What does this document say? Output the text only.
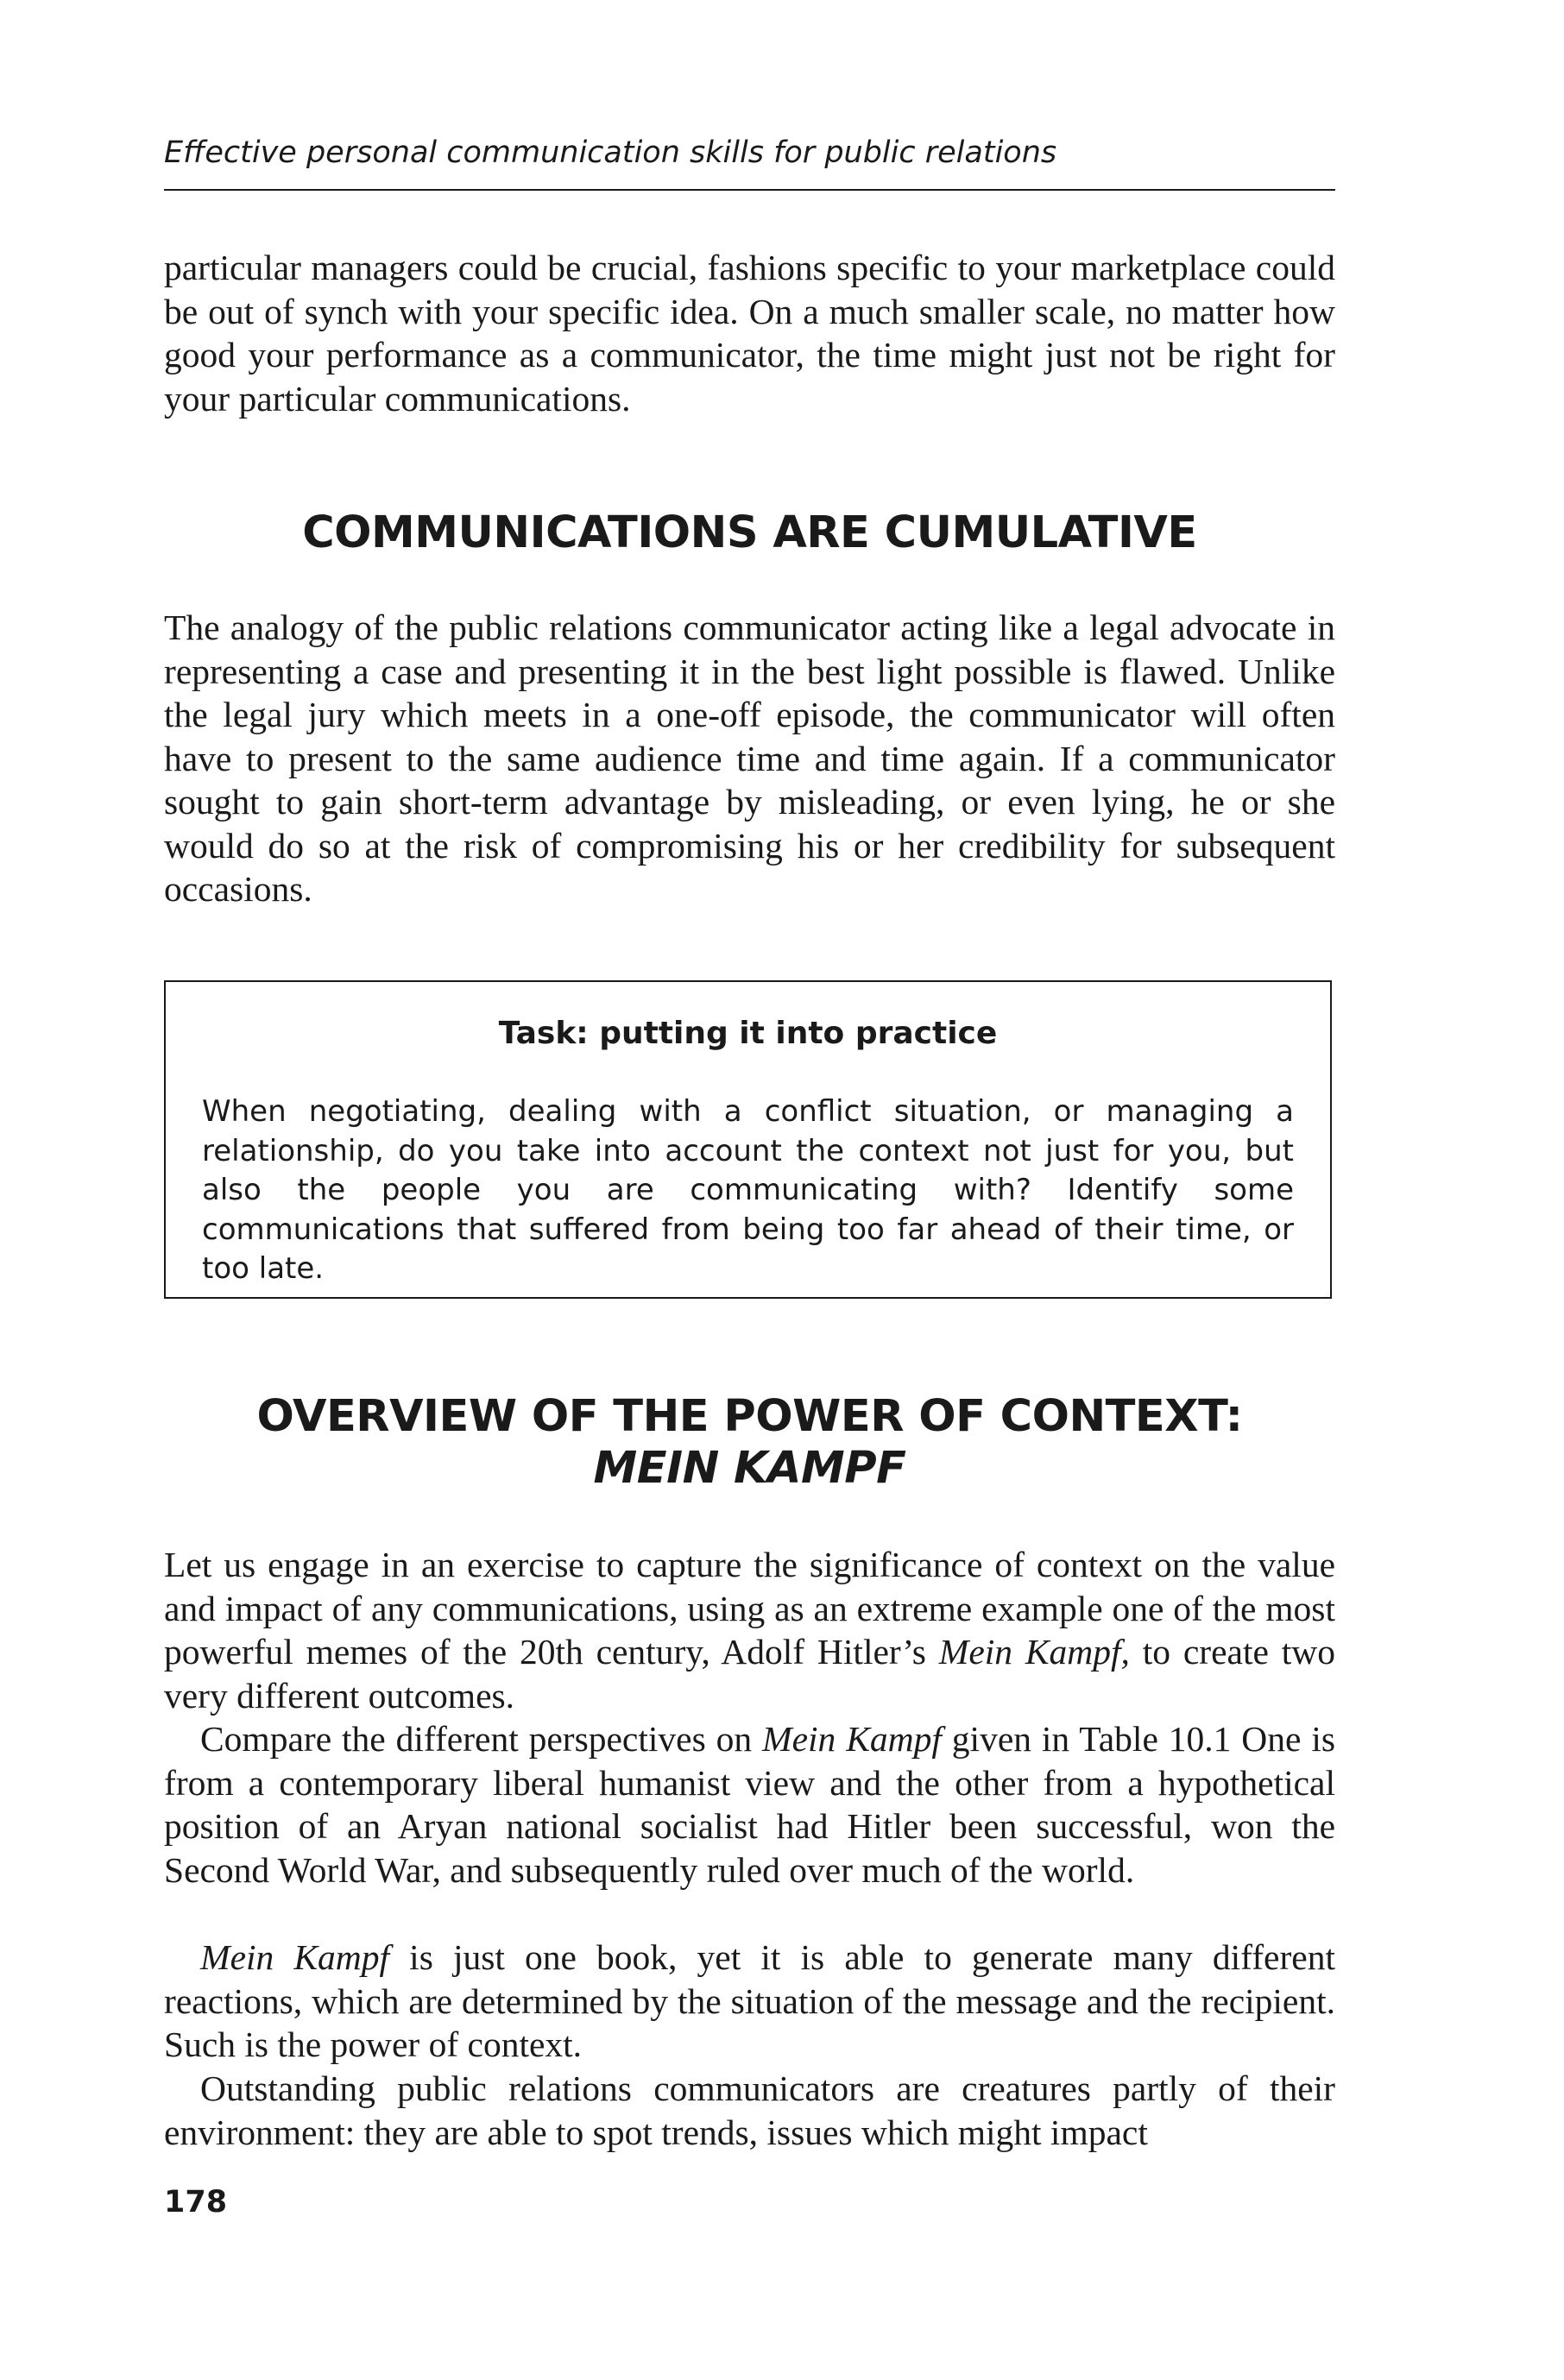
Effective personal communication skills for public relations

particular managers could be crucial, fashions specific to your marketplace could be out of synch with your specific idea. On a much smaller scale, no matter how good your performance as a communicator, the time might just not be right for your particular communications.

COMMUNICATIONS ARE CUMULATIVE

The analogy of the public relations communicator acting like a legal advocate in representing a case and presenting it in the best light possible is flawed. Unlike the legal jury which meets in a one-off episode, the communicator will often have to present to the same audience time and time again. If a communicator sought to gain short-term advantage by misleading, or even lying, he or she would do so at the risk of compromising his or her credibility for subsequent occasions.

Task: putting it into practice

When negotiating, dealing with a conflict situation, or managing a relationship, do you take into account the context not just for you, but also the people you are communicating with? Identify some communications that suffered from being too far ahead of their time, or too late.

OVERVIEW OF THE POWER OF CONTEXT:
MEIN KAMPF

Let us engage in an exercise to capture the significance of context on the value and impact of any communications, using as an extreme example one of the most powerful memes of the 20th century, Adolf Hitler’s Mein Kampf, to create two very different outcomes.

Compare the different perspectives on Mein Kampf given in Table 10.1 One is from a contemporary liberal humanist view and the other from a hypothetical position of an Aryan national socialist had Hitler been successful, won the Second World War, and subsequently ruled over much of the world.

Mein Kampf is just one book, yet it is able to generate many different reactions, which are determined by the situation of the message and the recipient. Such is the power of context.

Outstanding public relations communicators are creatures partly of their environment: they are able to spot trends, issues which might impact

178
